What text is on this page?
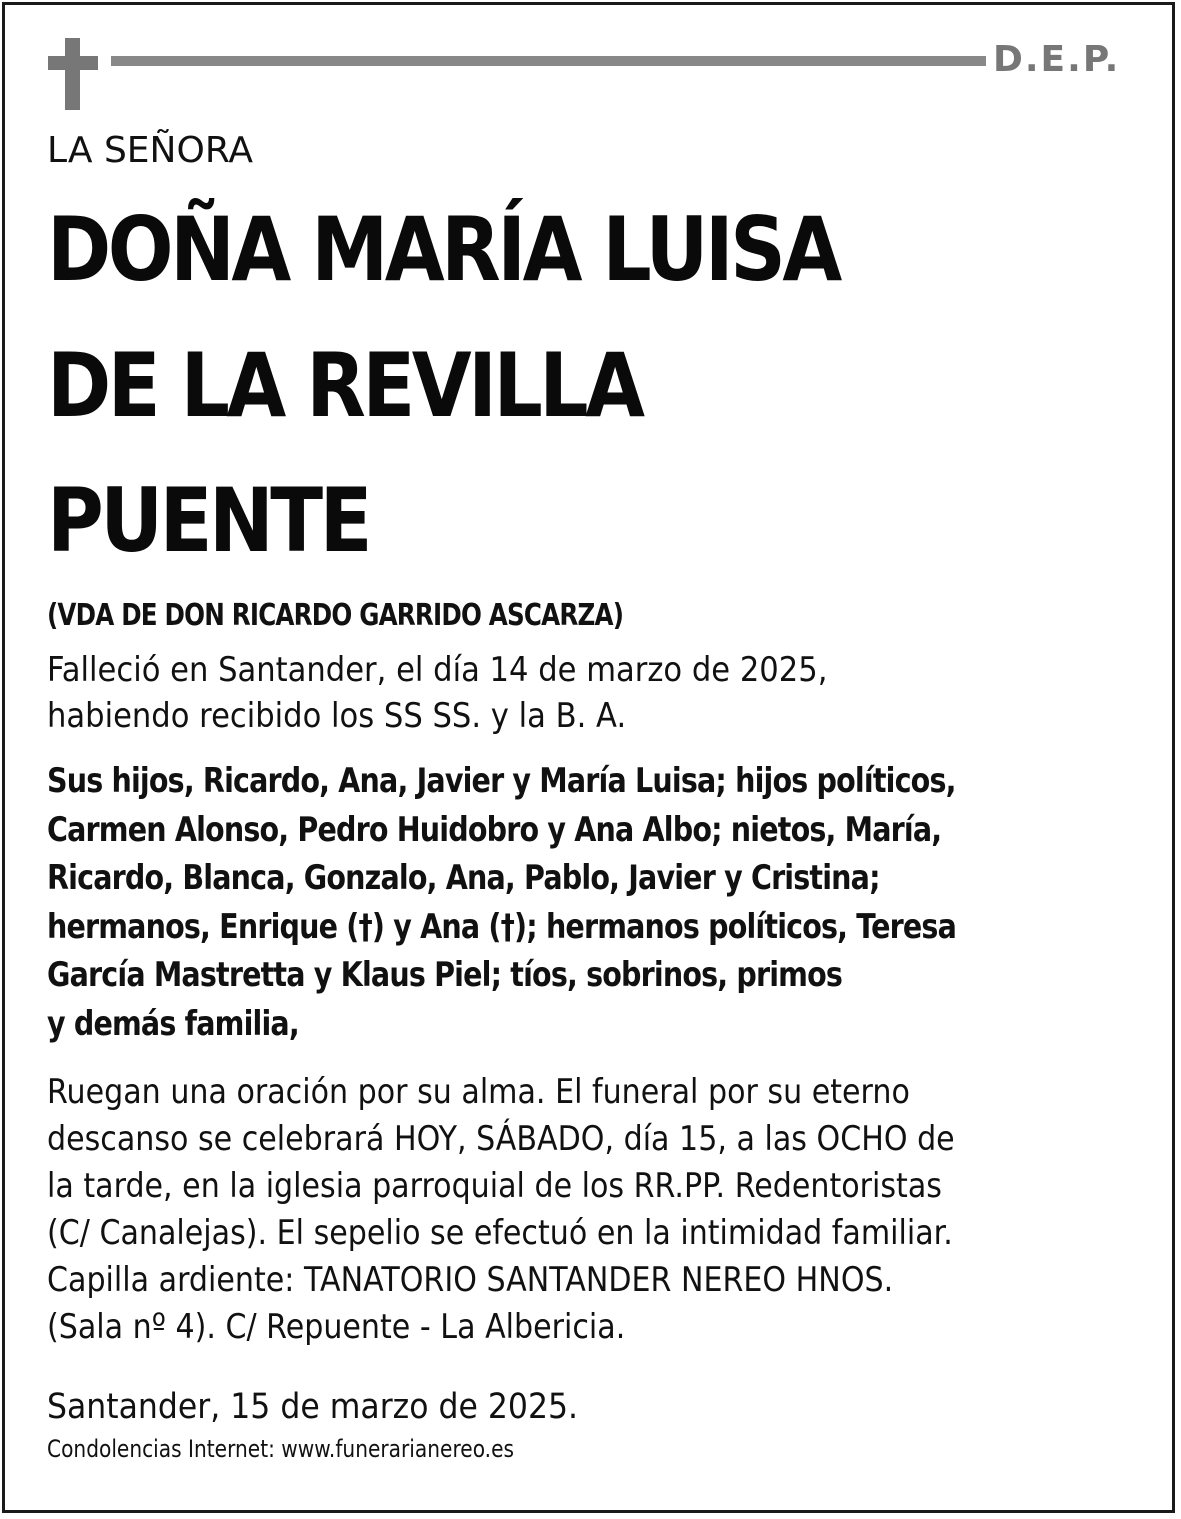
D.E.P.
LA SEÑORA
DOÑA MARÍA LUISA
DE LA REVILLA
PUENTE
(VDA DE DON RICARDO GARRIDO ASCARZA)
Falleció en Santander, el día 14 de marzo de 2025,
habiendo recibido los SS SS. y la B. A.
Sus hijos, Ricardo, Ana, Javier y María Luisa; hijos políticos,
Carmen Alonso, Pedro Huidobro y Ana Albo; nietos, María,
Ricardo, Blanca, Gonzalo, Ana, Pablo, Javier y Cristina;
hermanos, Enrique (†) y Ana (†); hermanos políticos, Teresa
García Mastretta y Klaus Piel; tíos, sobrinos, primos
y demás familia,
Ruegan una oración por su alma. El funeral por su eterno
descanso se celebrará HOY, SÁBADO, día 15, a las OCHO de
la tarde, en la iglesia parroquial de los RR.PP. Redentoristas
(C/ Canalejas). El sepelio se efectuó en la intimidad familiar.
Capilla ardiente: TANATORIO SANTANDER NEREO HNOS.
(Sala nº 4). C/ Repuente - La Albericia.
Santander, 15 de marzo de 2025.
Condolencias Internet: www.funerarianereo.es
